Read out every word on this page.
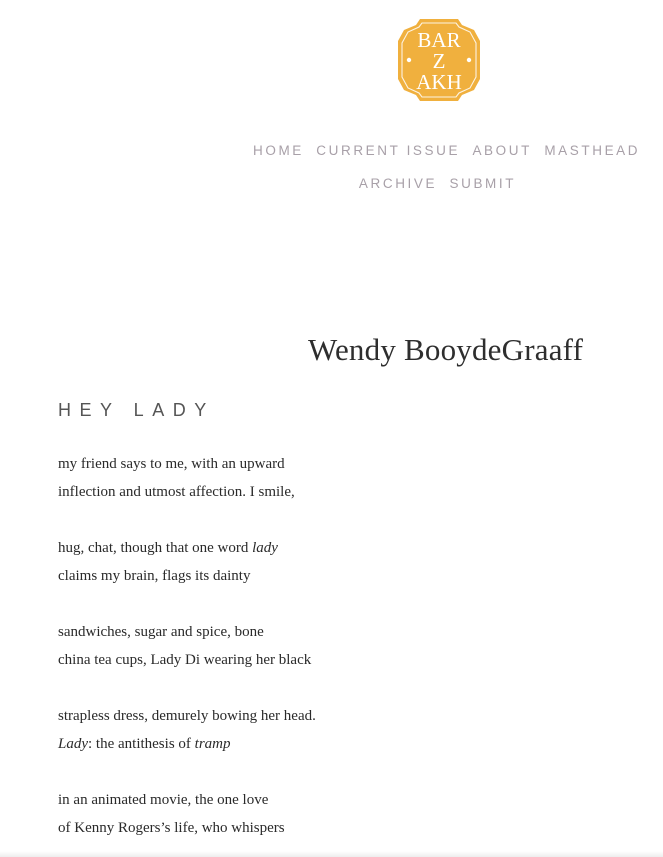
BAR
Z
AKH
HOME CURRENT ISSUE ABOUT MASTHEAD
ARCHIVE SUBMIT
Wendy BooydeGraaff
HEY LADY
my friend says to me, with an upward
inflection and utmost affection. I smile,
hug, chat, though that one word lady
claims my brain, flags its dainty
sandwiches, sugar and spice, bone
china tea cups, Lady Di wearing her black
strapless dress, demurely bowing her head.
Lady: the antithesis of tramp
in an animated movie, the one love
of Kenny Rogers’s life, who whispers
